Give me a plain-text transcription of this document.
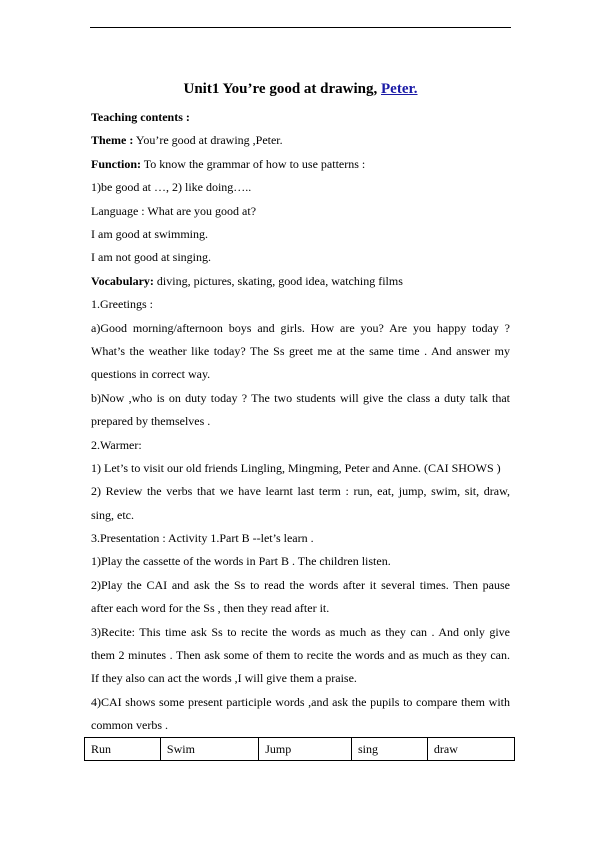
Unit1 You’re good at drawing, Peter.
Teaching contents :
Theme : You’re good at drawing ,Peter.
Function: To know the grammar of how to use patterns :
1)be good at …, 2) like doing…..
Language : What are you good at?
I am good at swimming.
I am not good at singing.
Vocabulary: diving, pictures, skating, good idea, watching films
1.Greetings :
a)Good morning/afternoon boys and girls. How are you? Are you happy today ?
What’s the weather like today? The Ss greet me at the same time . And answer my
questions in correct way.
b)Now ,who is on duty today ? The two students will give the class a duty talk that
prepared by themselves .
2.Warmer:
1) Let’s to visit our old friends Lingling, Mingming, Peter and Anne. (CAI SHOWS )
2) Review the verbs that we have learnt last term : run, eat, jump, swim, sit, draw,
sing, etc.
3.Presentation : Activity 1.Part B --let’s learn .
1)Play the cassette of the words in Part B . The children listen.
2)Play the CAI and ask the Ss to read the words after it several times. Then pause
after each word for the Ss , then they read after it.
3)Recite: This time ask Ss to recite the words as much as they can . And only give
them 2 minutes . Then ask some of them to recite the words and as much as they can.
If they also can act the words ,I will give them a praise.
4)CAI shows some present participle words ,and ask the pupils to compare them with
common verbs .
Run	Swim	Jump	sing	draw
